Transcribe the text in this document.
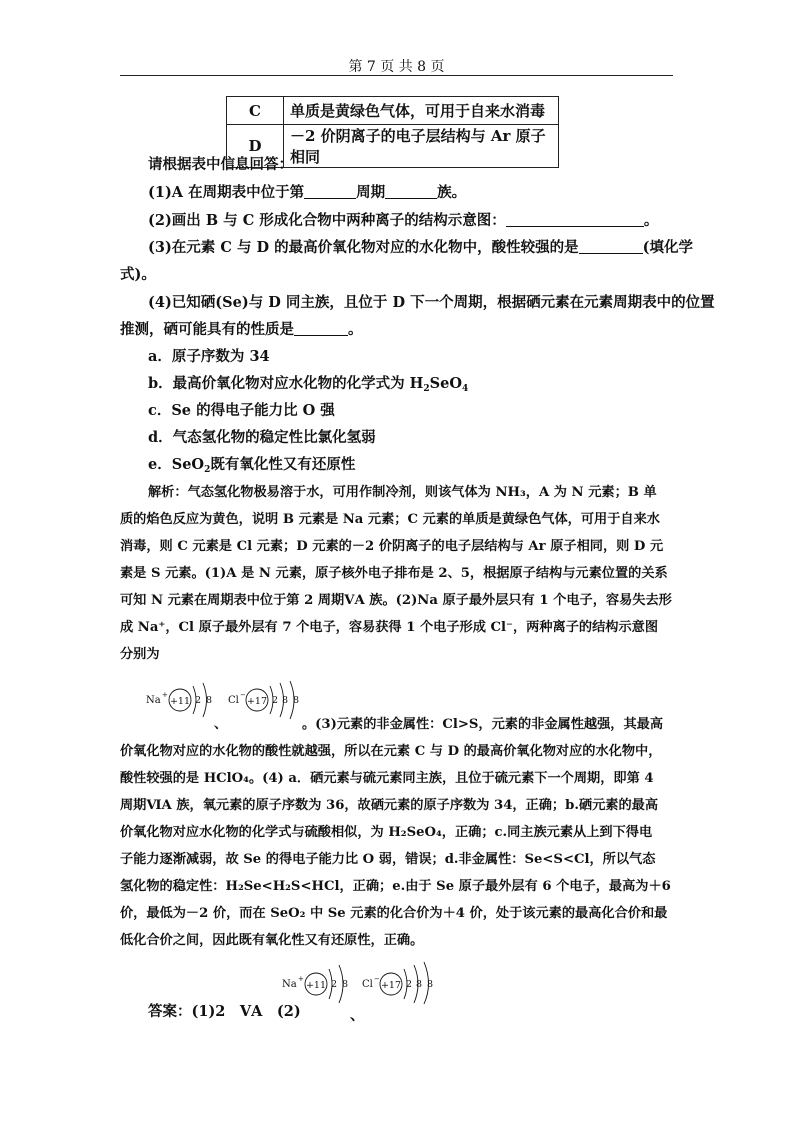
第 7 页 共 8 页
C	单质是黄绿色气体，可用于自来水消毒
D	－2 价阴离子的电子层结构与 Ar 原子相同
请根据表中信息回答：
(1)A 在周期表中位于第	周期	族。
(2)画出 B 与 C 形成化合物中两种离子的结构示意图：	。
(3)在元素 C 与 D 的最高价氧化物对应的水化物中，酸性较强的是	(填化学
式)。
(4)已知硒(Se)与 D 同主族，且位于 D 下一个周期，根据硒元素在元素周期表中的位置
推测，硒可能具有的性质是	。
a．原子序数为 34
b．最高价氧化物对应水化物的化学式为 $H_2SeO_4$
c．Se 的得电子能力比 O 强
d．气态氢化物的稳定性比氯化氢弱
e．SeO$_2$既有氧化性又有还原性
解析：气态氢化物极易溶于水，可用作制冷剂，则该气体为 NH₃，A 为 N 元素；B 单
质的焰色反应为黄色，说明 B 元素是 Na 元素；C 元素的单质是黄绿色气体，可用于自来水
消毒，则 C 元素是 Cl 元素；D 元素的－2 价阴离子的电子层结构与 Ar 原子相同，则 D 元
素是 S 元素。(1)A 是 N 元素，原子核外电子排布是 2、5，根据原子结构与元素位置的关系
可知 N 元素在周期表中位于第 2 周期ⅤA 族。(2)Na 原子最外层只有 1 个电子，容易失去形
成 Na⁺，Cl 原子最外层有 7 个电子，容易获得 1 个电子形成 Cl⁻，两种离子的结构示意图
分别为
Na +
+11 2 8 Cl −
+17 2 8 8
、	。(3)元素的非金属性：Cl>S，元素的非金属性越强，其最高
价氧化物对应的水化物的酸性就越强，所以在元素 C 与 D 的最高价氧化物对应的水化物中，
酸性较强的是 HClO₄。(4) a．硒元素与硫元素同主族，且位于硫元素下一个周期，即第 4
周期ⅥA 族，氧元素的原子序数为 36，故硒元素的原子序数为 34，正确；b.硒元素的最高
价氧化物对应水化物的化学式与硫酸相似，为 H₂SeO₄，正确；c.同主族元素从上到下得电
子能力逐渐减弱，故 Se 的得电子能力比 O 弱，错误；d.非金属性：Se<S<Cl，所以气态
氢化物的稳定性：H₂Se<H₂S<HCl，正确；e.由于 Se 原子最外层有 6 个电子，最高为＋6
价，最低为－2 价，而在 SeO₂ 中 Se 元素的化合价为＋4 价，处于该元素的最高化合价和最
低化合价之间，因此既有氧化性又有还原性，正确。
答案：(1)2　ⅤA　(2)
Na +
+11 2 8
、
Cl −
+17 2 8 8
